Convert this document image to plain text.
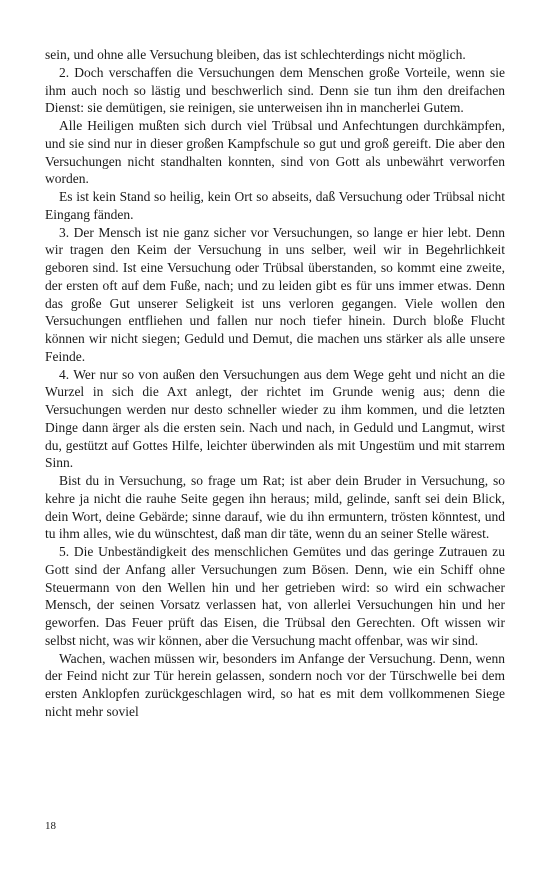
sein, und ohne alle Versuchung bleiben, das ist schlechterdings nicht möglich.

2. Doch verschaffen die Versuchungen dem Menschen große Vorteile, wenn sie ihm auch noch so lästig und beschwerlich sind. Denn sie tun ihm den dreifachen Dienst: sie demütigen, sie reinigen, sie unterweisen ihn in mancherlei Gutem.

Alle Heiligen mußten sich durch viel Trübsal und Anfechtungen durchkämpfen, und sie sind nur in dieser großen Kampfschule so gut und groß gereift. Die aber den Versuchungen nicht standhalten konnten, sind von Gott als unbewährt verworfen worden.

Es ist kein Stand so heilig, kein Ort so abseits, daß Versuchung oder Trübsal nicht Eingang fänden.

3. Der Mensch ist nie ganz sicher vor Versuchungen, so lange er hier lebt. Denn wir tragen den Keim der Versuchung in uns selber, weil wir in Begehrlichkeit geboren sind. Ist eine Versuchung oder Trübsal überstanden, so kommt eine zweite, der ersten oft auf dem Fuße, nach; und zu leiden gibt es für uns immer etwas. Denn das große Gut unserer Seligkeit ist uns verloren gegangen. Viele wollen den Versuchungen entfliehen und fallen nur noch tiefer hinein. Durch bloße Flucht können wir nicht siegen; Geduld und Demut, die machen uns stärker als alle unsere Feinde.

4. Wer nur so von außen den Versuchungen aus dem Wege geht und nicht an die Wurzel in sich die Axt anlegt, der richtet im Grunde wenig aus; denn die Versuchungen werden nur desto schneller wieder zu ihm kommen, und die letzten Dinge dann ärger als die ersten sein. Nach und nach, in Geduld und Langmut, wirst du, gestützt auf Gottes Hilfe, leichter überwinden als mit Ungestüm und mit starrem Sinn.

Bist du in Versuchung, so frage um Rat; ist aber dein Bruder in Versuchung, so kehre ja nicht die rauhe Seite gegen ihn heraus; mild, gelinde, sanft sei dein Blick, dein Wort, deine Gebärde; sinne darauf, wie du ihn ermuntern, trösten könntest, und tu ihm alles, wie du wünschtest, daß man dir täte, wenn du an seiner Stelle wärest.

5. Die Unbeständigkeit des menschlichen Gemütes und das geringe Zutrauen zu Gott sind der Anfang aller Versuchungen zum Bösen. Denn, wie ein Schiff ohne Steuermann von den Wellen hin und her getrieben wird: so wird ein schwacher Mensch, der seinen Vorsatz verlassen hat, von allerlei Versuchungen hin und her geworfen. Das Feuer prüft das Eisen, die Trübsal den Gerechten. Oft wissen wir selbst nicht, was wir können, aber die Versuchung macht offenbar, was wir sind.

Wachen, wachen müssen wir, besonders im Anfange der Versuchung. Denn, wenn der Feind nicht zur Tür herein gelassen, sondern noch vor der Türschwelle bei dem ersten Anklopfen zurückgeschlagen wird, so hat es mit dem vollkommenen Siege nicht mehr soviel

18
